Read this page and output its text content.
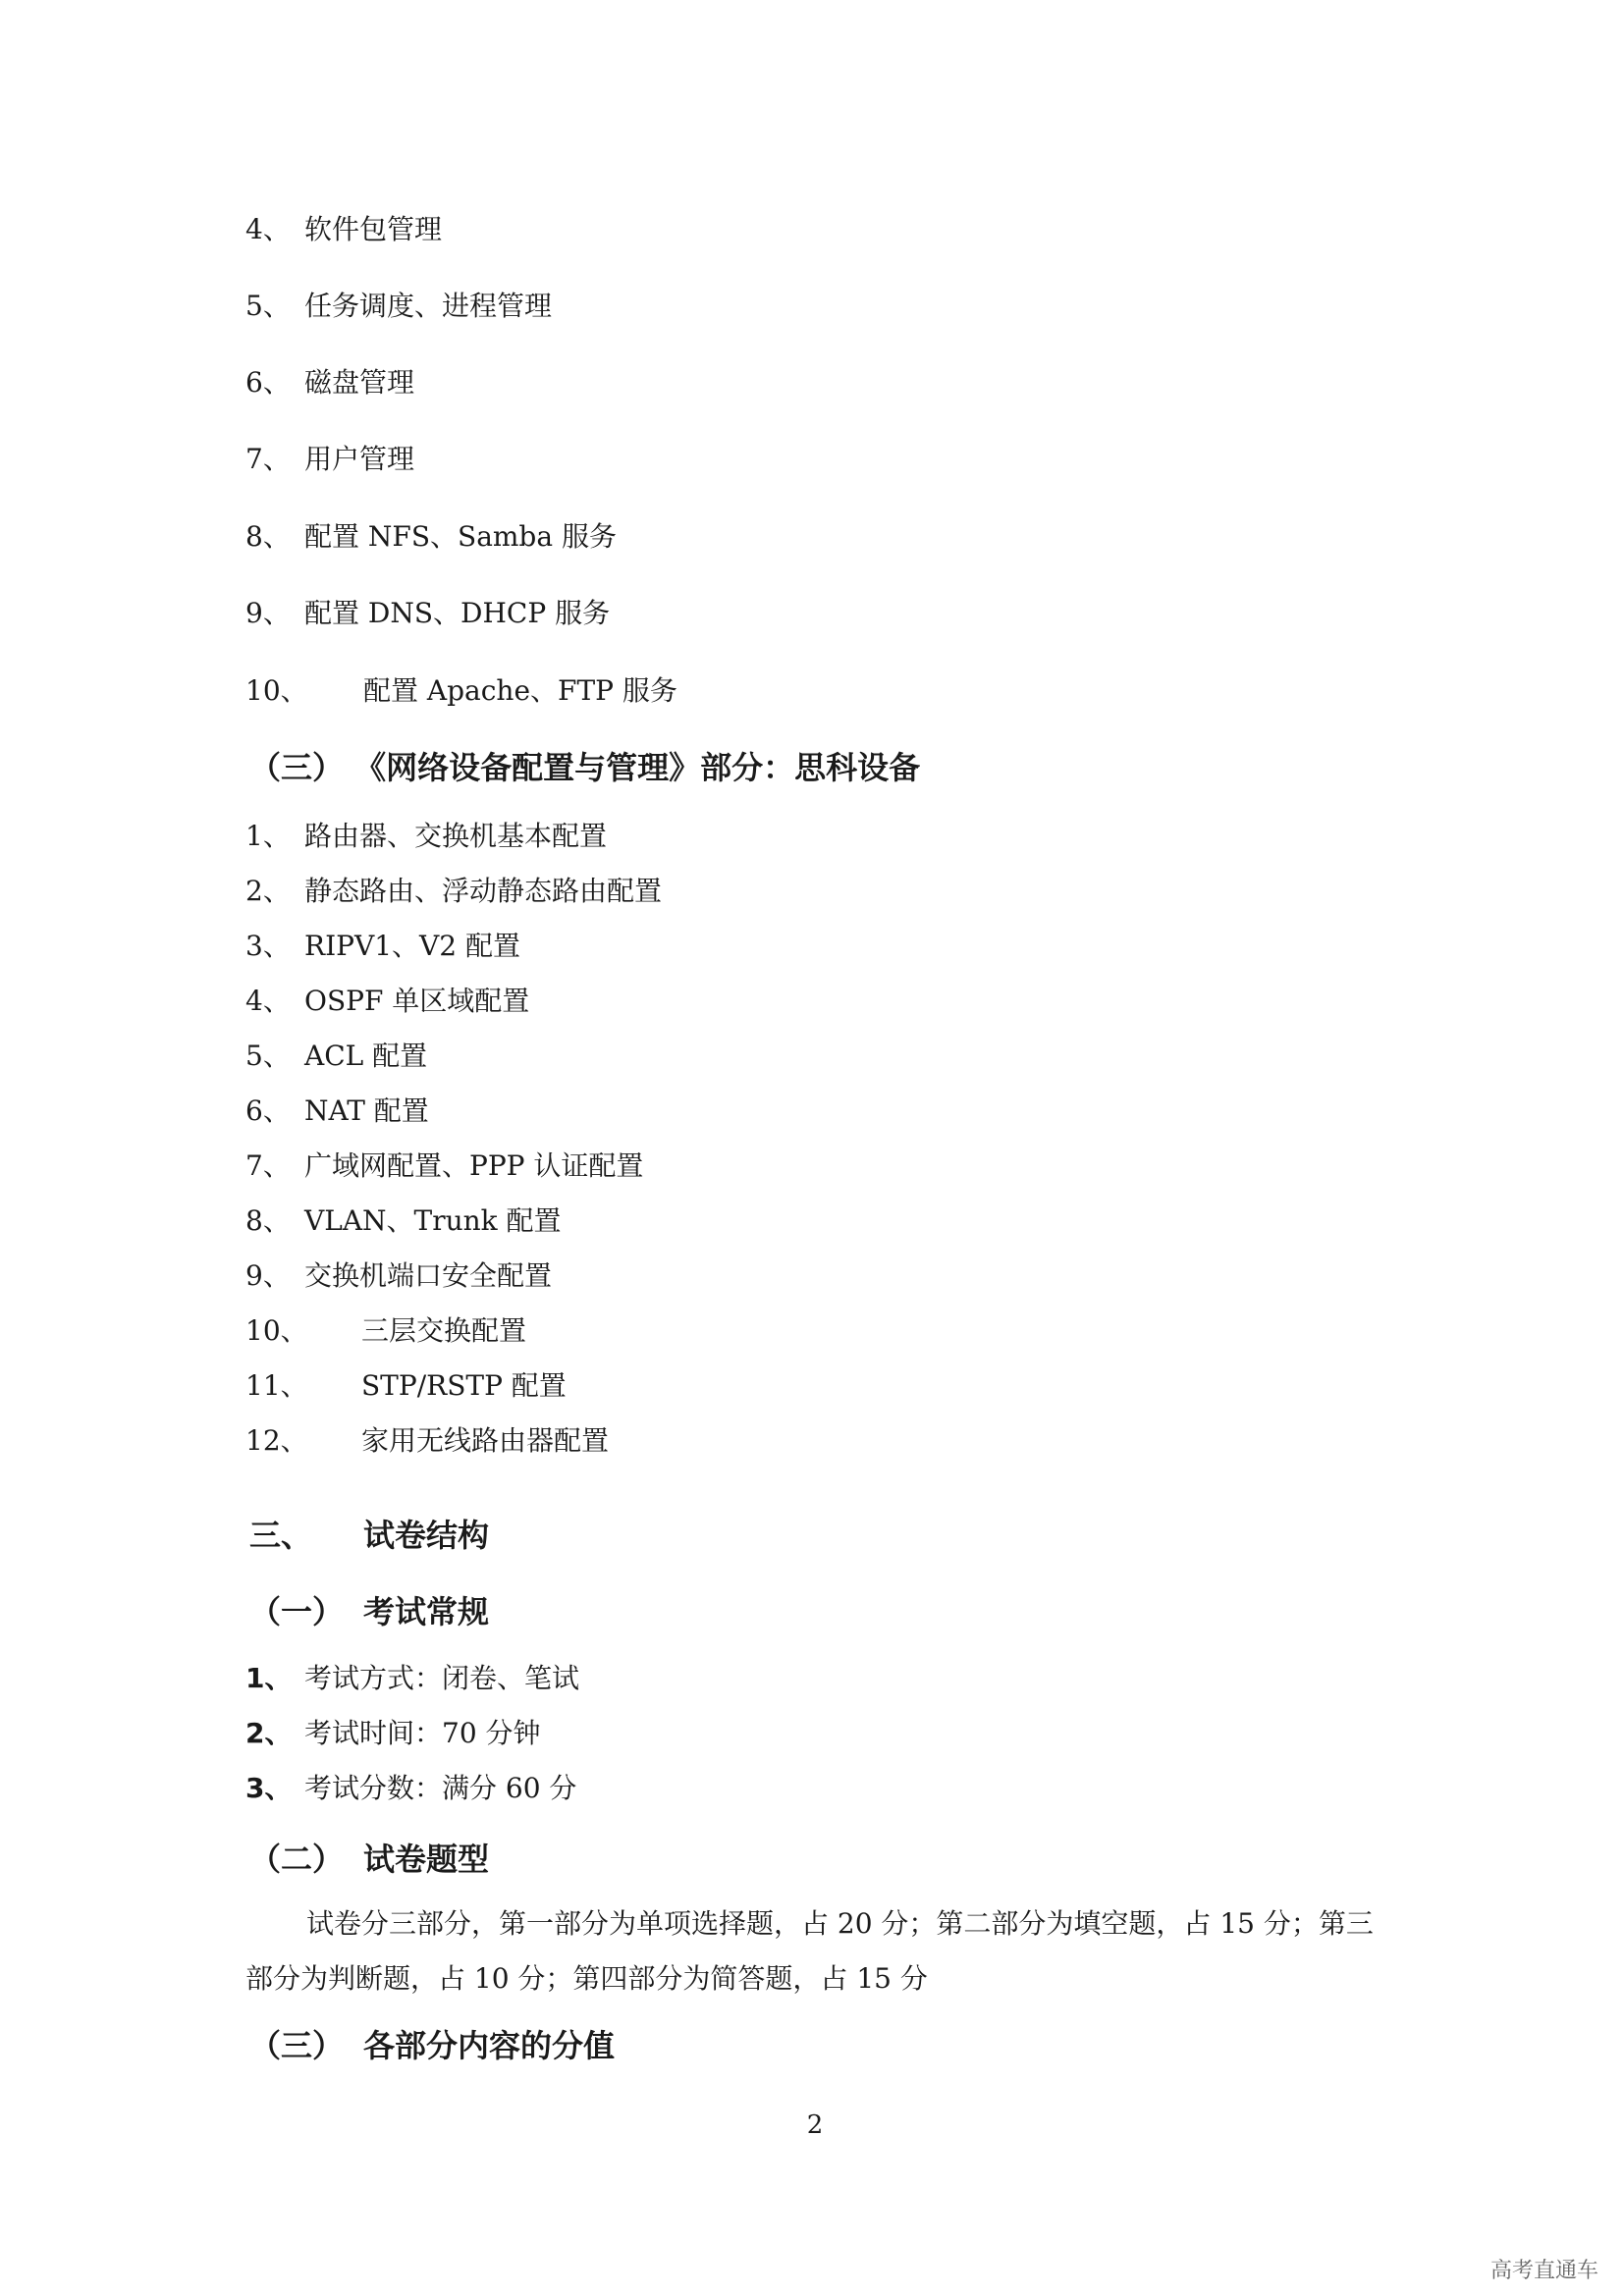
4、 软件包管理
5、 任务调度、进程管理
6、 磁盘管理
7、 用户管理
8、 配置 NFS、Samba 服务
9、 配置 DNS、DHCP 服务
10、 配置 Apache、FTP 服务
（三） 《网络设备配置与管理》部分：思科设备
1、 路由器、交换机基本配置
2、 静态路由、浮动静态路由配置
3、 RIPV1、V2 配置
4、 OSPF 单区域配置
5、 ACL 配置
6、 NAT 配置
7、 广域网配置、PPP 认证配置
8、 VLAN、Trunk 配置
9、 交换机端口安全配置
10、 三层交换配置
11、 STP/RSTP 配置
12、 家用无线路由器配置
三、 试卷结构
（一） 考试常规
1、 考试方式：闭卷、笔试
2、 考试时间：70 分钟
3、 考试分数：满分 60 分
（二） 试卷题型
试卷分三部分，第一部分为单项选择题，占 20 分；第二部分为填空题，占 15 分；第三部分为判断题，占 10 分；第四部分为简答题，占 15 分
（三） 各部分内容的分值
2
高考直通车
